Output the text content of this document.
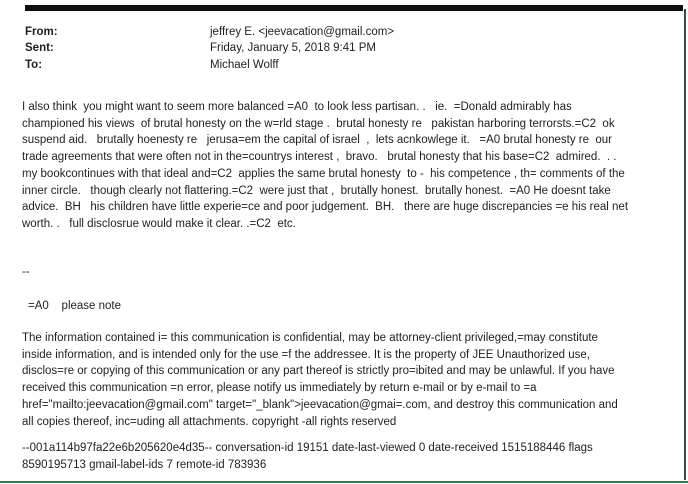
From:	jeffrey E. <jeevacation@gmail.com>
Sent:	Friday, January 5, 2018 9:41 PM
To:	Michael Wolff
I also think  you might want to seem more balanced =A0  to look less partisan. .   ie.  =Donald admirably has
championed his views  of brutal honesty on the w=rld stage .  brutal honesty re   pakistan harboring terrorsts.=C2  ok
suspend aid.   brutally hoenesty re   jerusa=em the capital of israel  ,  lets acnkowlege it.   =A0 brutal honesty re  our
trade agreements that were often not in the=countrys interest ,  bravo.   brutal honesty that his base=C2  admired.  . .
my bookcontinues with that ideal and=C2  applies the same brutal honesty  to -  his competence , th= comments of the
inner circle.   though clearly not flattering.=C2  were just that ,  brutally honest.  brutally honest.  =A0 He doesnt take
advice.  BH   his children have little experie=ce and poor judgement.  BH.   there are huge discrepancies =e his real net
worth. .   full disclosrue would make it clear. .=C2  etc.
--
=A0    please note
The information contained i= this communication is confidential, may be attorney-client privileged,=may constitute
inside information, and is intended only for the use =f the addressee. It is the property of JEE Unauthorized use,
disclos=re or copying of this communication or any part thereof is strictly pro=ibited and may be unlawful. If you have
received this communication =n error, please notify us immediately by return e-mail or by e-mail to =a
href="mailto:jeevacation@gmail.com" target="_blank">jeevacation@gmai=.com, and destroy this communication and
all copies thereof, inc=uding all attachments. copyright -all rights reserved
--001a114b97fa22e6b205620e4d35-- conversation-id 19151 date-last-viewed 0 date-received 1515188446 flags
8590195713 gmail-label-ids 7 remote-id 783936
